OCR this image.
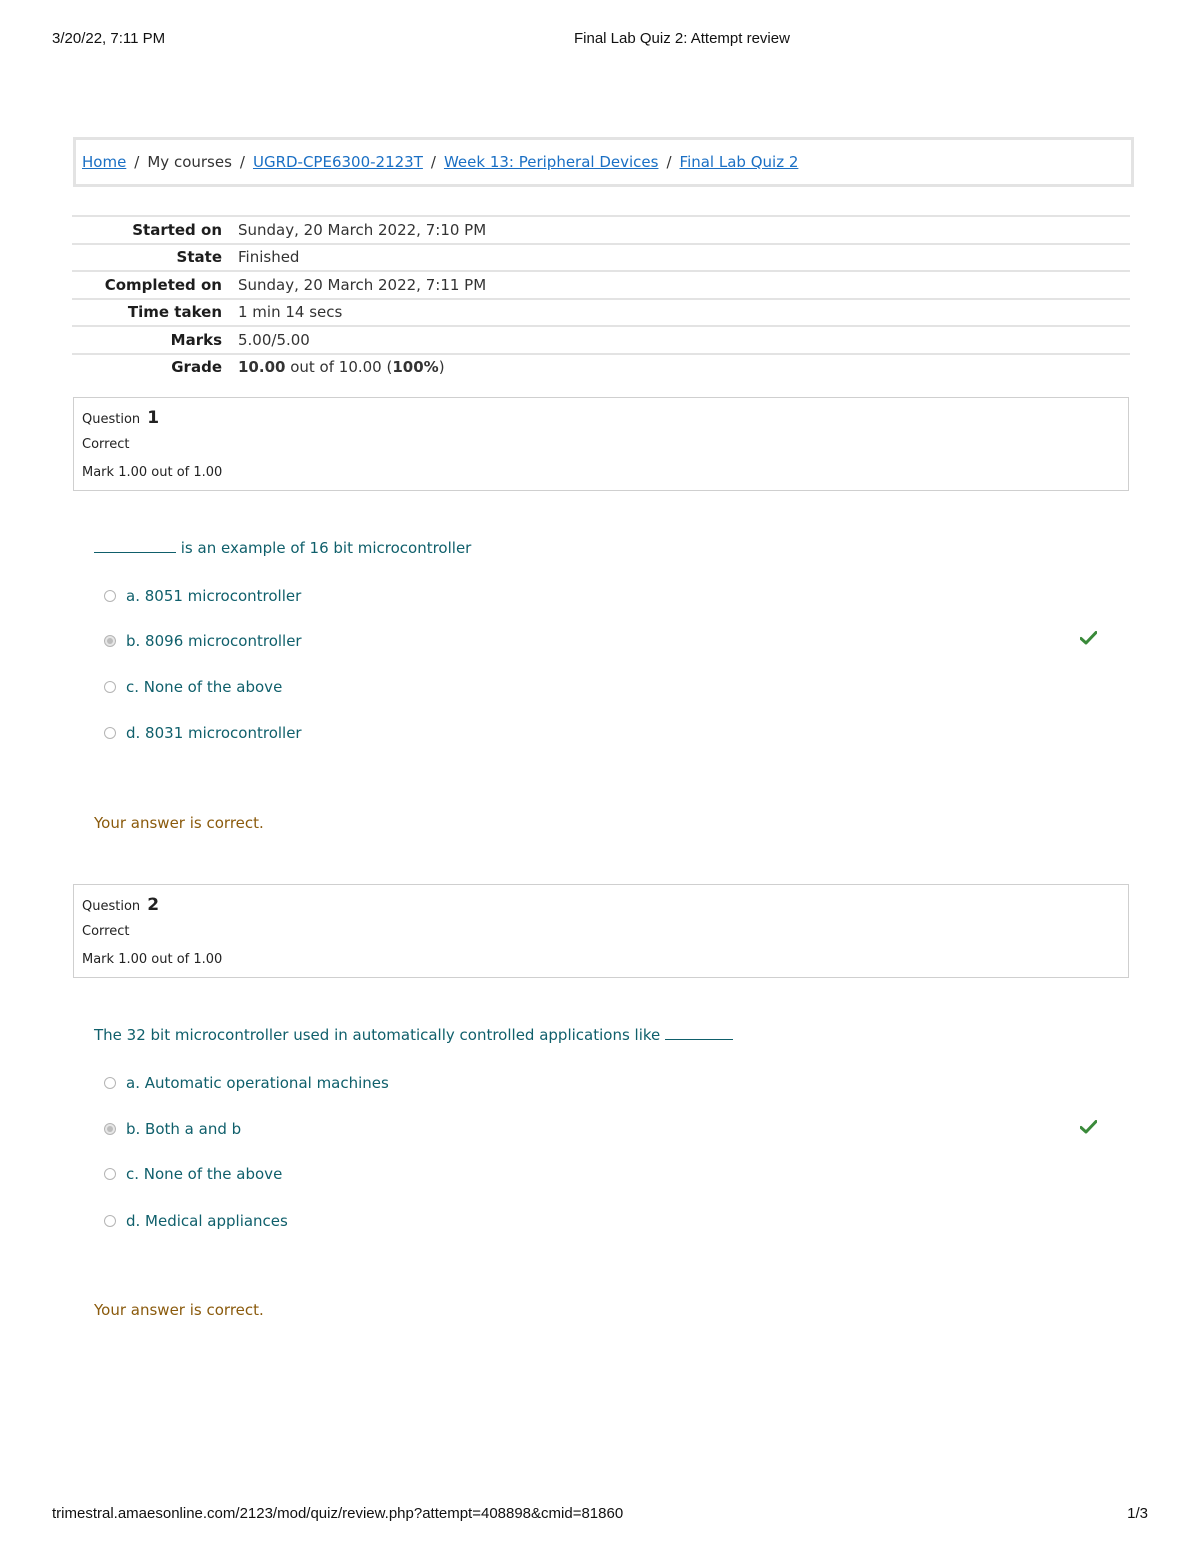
3/20/22, 7:11 PM	Final Lab Quiz 2: Attempt review
Home / My courses / UGRD-CPE6300-2123T / Week 13: Peripheral Devices / Final Lab Quiz 2
Started on	Sunday, 20 March 2022, 7:10 PM
State	Finished
Completed on	Sunday, 20 March 2022, 7:11 PM
Time taken	1 min 14 secs
Marks	5.00/5.00
Grade	10.00 out of 10.00 (100%)
Question 1
Correct
Mark 1.00 out of 1.00
is an example of 16 bit microcontroller
a. 8051 microcontroller
b. 8096 microcontroller
c. None of the above
d. 8031 microcontroller
Your answer is correct.
Question 2
Correct
Mark 1.00 out of 1.00
The 32 bit microcontroller used in automatically controlled applications like
a. Automatic operational machines
b. Both a and b
c. None of the above
d. Medical appliances
Your answer is correct.
trimestral.amaesonline.com/2123/mod/quiz/review.php?attempt=408898&cmid=81860	1/3
